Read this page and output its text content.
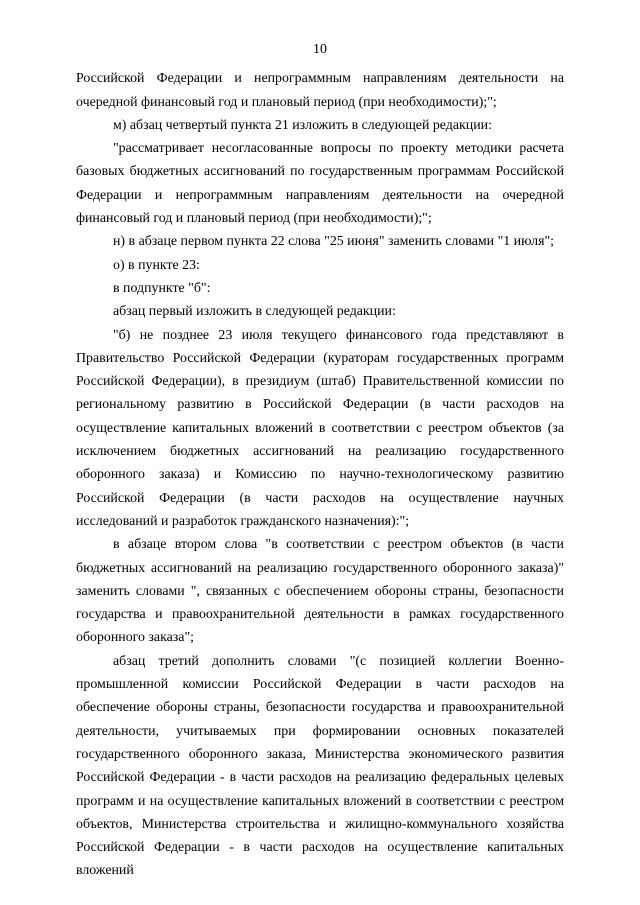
10

Российской Федерации и непрограммным направлениям деятельности на очередной финансовый год и плановый период (при необходимости);";

м) абзац четвертый пункта 21 изложить в следующей редакции:

"рассматривает несогласованные вопросы по проекту методики расчета базовых бюджетных ассигнований по государственным программам Российской Федерации и непрограммным направлениям деятельности на очередной финансовый год и плановый период (при необходимости);";

н) в абзаце первом пункта 22 слова "25 июня" заменить словами "1 июля";

о) в пункте 23:

в подпункте "б":

абзац первый изложить в следующей редакции:

"б) не позднее 23 июля текущего финансового года представляют в Правительство Российской Федерации (кураторам государственных программ Российской Федерации), в президиум (штаб) Правительственной комиссии по региональному развитию в Российской Федерации (в части расходов на осуществление капитальных вложений в соответствии с реестром объектов (за исключением бюджетных ассигнований на реализацию государственного оборонного заказа) и Комиссию по научно-технологическому развитию Российской Федерации (в части расходов на осуществление научных исследований и разработок гражданского назначения):";

в абзаце втором слова "в соответствии с реестром объектов (в части бюджетных ассигнований на реализацию государственного оборонного заказа)" заменить словами ", связанных с обеспечением обороны страны, безопасности государства и правоохранительной деятельности в рамках государственного оборонного заказа";

абзац третий дополнить словами "(с позицией коллегии Военно-промышленной комиссии Российской Федерации в части расходов на обеспечение обороны страны, безопасности государства и правоохранительной деятельности, учитываемых при формировании основных показателей государственного оборонного заказа, Министерства экономического развития Российской Федерации - в части расходов на реализацию федеральных целевых программ и на осуществление капитальных вложений в соответствии с реестром объектов, Министерства строительства и жилищно-коммунального хозяйства Российской Федерации - в части расходов на осуществление капитальных вложений
